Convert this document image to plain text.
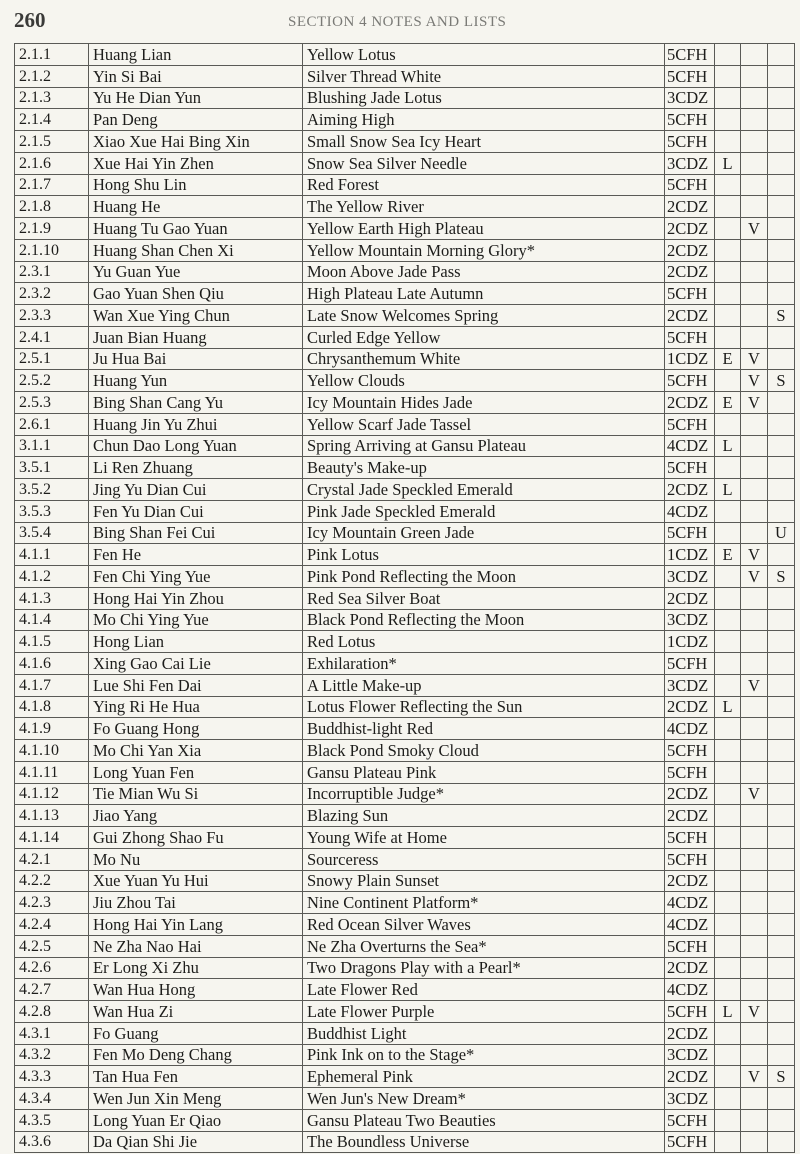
260	SECTION 4 NOTES AND LISTS
2.1.1	Huang Lian	Yellow Lotus	5CFH			
2.1.2	Yin Si Bai	Silver Thread White	5CFH			
2.1.3	Yu He Dian Yun	Blushing Jade Lotus	3CDZ			
2.1.4	Pan Deng	Aiming High	5CFH			
2.1.5	Xiao Xue Hai Bing Xin	Small Snow Sea Icy Heart	5CFH			
2.1.6	Xue Hai Yin Zhen	Snow Sea Silver Needle	3CDZ	L		
2.1.7	Hong Shu Lin	Red Forest	5CFH			
2.1.8	Huang He	The Yellow River	2CDZ			
2.1.9	Huang Tu Gao Yuan	Yellow Earth High Plateau	2CDZ		V	
2.1.10	Huang Shan Chen Xi	Yellow Mountain Morning Glory*	2CDZ			
2.3.1	Yu Guan Yue	Moon Above Jade Pass	2CDZ			
2.3.2	Gao Yuan Shen Qiu	High Plateau Late Autumn	5CFH			
2.3.3	Wan Xue Ying Chun	Late Snow Welcomes Spring	2CDZ			S
2.4.1	Juan Bian Huang	Curled Edge Yellow	5CFH			
2.5.1	Ju Hua Bai	Chrysanthemum White	1CDZ	E	V	
2.5.2	Huang Yun	Yellow Clouds	5CFH		V	S
2.5.3	Bing Shan Cang Yu	Icy Mountain Hides Jade	2CDZ	E	V	
2.6.1	Huang Jin Yu Zhui	Yellow Scarf Jade Tassel	5CFH			
3.1.1	Chun Dao Long Yuan	Spring Arriving at Gansu Plateau	4CDZ	L		
3.5.1	Li Ren Zhuang	Beauty's Make-up	5CFH			
3.5.2	Jing Yu Dian Cui	Crystal Jade Speckled Emerald	2CDZ	L		
3.5.3	Fen Yu Dian Cui	Pink Jade Speckled Emerald	4CDZ			
3.5.4	Bing Shan Fei Cui	Icy Mountain Green Jade	5CFH			U
4.1.1	Fen He	Pink Lotus	1CDZ	E	V	
4.1.2	Fen Chi Ying Yue	Pink Pond Reflecting the Moon	3CDZ		V	S
4.1.3	Hong Hai Yin Zhou	Red Sea Silver Boat	2CDZ			
4.1.4	Mo Chi Ying Yue	Black Pond Reflecting the Moon	3CDZ			
4.1.5	Hong Lian	Red Lotus	1CDZ			
4.1.6	Xing Gao Cai Lie	Exhilaration*	5CFH			
4.1.7	Lue Shi Fen Dai	A Little Make-up	3CDZ		V	
4.1.8	Ying Ri He Hua	Lotus Flower Reflecting the Sun	2CDZ	L		
4.1.9	Fo Guang Hong	Buddhist-light Red	4CDZ			
4.1.10	Mo Chi Yan Xia	Black Pond Smoky Cloud	5CFH			
4.1.11	Long Yuan Fen	Gansu Plateau Pink	5CFH			
4.1.12	Tie Mian Wu Si	Incorruptible Judge*	2CDZ		V	
4.1.13	Jiao Yang	Blazing Sun	2CDZ			
4.1.14	Gui Zhong Shao Fu	Young Wife at Home	5CFH			
4.2.1	Mo Nu	Sourceress	5CFH			
4.2.2	Xue Yuan Yu Hui	Snowy Plain Sunset	2CDZ			
4.2.3	Jiu Zhou Tai	Nine Continent Platform*	4CDZ			
4.2.4	Hong Hai Yin Lang	Red Ocean Silver Waves	4CDZ			
4.2.5	Ne Zha Nao Hai	Ne Zha Overturns the Sea*	5CFH			
4.2.6	Er Long Xi Zhu	Two Dragons Play with a Pearl*	2CDZ			
4.2.7	Wan Hua Hong	Late Flower Red	4CDZ			
4.2.8	Wan Hua Zi	Late Flower Purple	5CFH	L	V	
4.3.1	Fo Guang	Buddhist Light	2CDZ			
4.3.2	Fen Mo Deng Chang	Pink Ink on to the Stage*	3CDZ			
4.3.3	Tan Hua Fen	Ephemeral Pink	2CDZ		V	S
4.3.4	Wen Jun Xin Meng	Wen Jun's New Dream*	3CDZ			
4.3.5	Long Yuan Er Qiao	Gansu Plateau Two Beauties	5CFH			
4.3.6	Da Qian Shi Jie	The Boundless Universe	5CFH			
